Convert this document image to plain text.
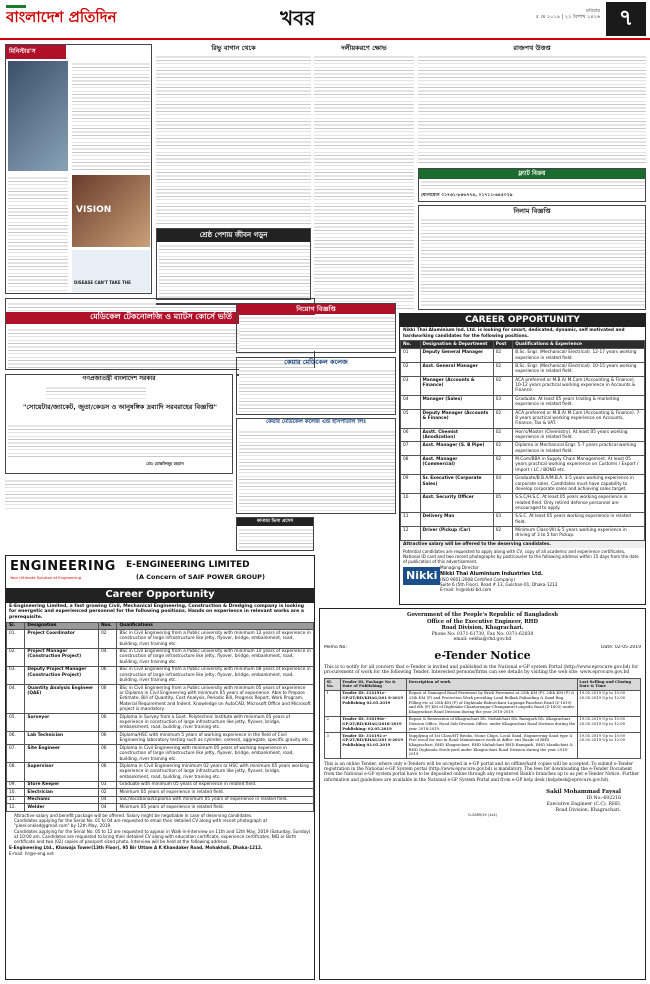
বাংলাদেশ প্রতিদিন	খবর	রবিবার
৫ মে ২০১৯ | ২২ বৈশাখ ১৪২৬ ৭
মিনিস্টার'স
VISION
DISEASE CAN'T TAKE THE
রিভু বাগান থেকে	দলীয়করণে ক্ষোভ	রাজপথ উত্তপ্ত
ফ্ল্যাট বিক্রয়
যোগাযোগ ০১৭৬১-৮৪৬৭৭৪, ০১৭১১-৬৪৫০২৯
নিলাম বিজ্ঞপ্তি
শ্রেষ্ঠ পেশায় জীবন গড়ুন
মেডিকেল টেকনোলজি ও ম্যাটস কোর্সে ভর্তি
গণপ্রজাতন্ত্রী বাংলাদেশ সরকার
"সোয়েটার/জ্যাকেট, জুতা/কেডস ও আনুষঙ্গিক দ্রব্যাদি সরবরাহের বিজ্ঞপ্তি"
মোঃ মোস্তফিজুর রহমান
নিয়োগ বিজ্ঞপ্তি
কেয়ার মেডিকেল কলেজ
কেয়ার মেডিকেল কলেজ এন্ড হাসপাতাল লিঃ
কানাডা ভিসা প্রসেস
CAREER OPPORTUNITY
Nikki Thai Aluminium Ind. Ltd. is looking for smart, dedicated, dynamic, self motivated and hardworking candidates for the following positions.
No.	Designation & Department	Post	Qualifications & Experience
01	Deputy General Manager	02	B.Sc. Engr. (Mechanical/ Electrical). 12-17 years working experience in related field.
02	Asst. General Manager	02	B.Sc. Engr. (Mechanical/ Electrical). 10-15 years working experience in related field.
03	Manager (Accounts & Finance)	02	ACA preferred or M.B.A/ M.Com (Accounting & Finance). 10-12 years practical working experience in Accounts & Finance.
04	Manager (Sales)	03	Graduate. At least 05 years trading & marketing experience in related field.
05	Deputy Manager (Accounts & Finance)	02	ACA preferred or M.B.A/ M.Com (Accounting & Finance). 7-8 years practical working experience on Accounts, Finance, Tax & VAT.
06	Asstt. Chemist (Anodization)	02	Hon's/Master (Chemistry). At least 05 years working experience in related field.
07	Asst. Manager (S. B Pipe)	02	Diploma in Mechanical Engr. 5-7 years practical working experience in related field.
08	Asst. Manager (Commercial)	02	M.Com/BBA in Supply Chain Management. At least 05 years practical working experience on Customs / Export / Import / LC / BOND etc.
09	Sr. Executive (Corporate Sales)	04	Graduate/B.B.A/M.B.A. 3-5 years working experience in corporate sales. Candidates must have capability to develop corporate sales and achieving sales target.
10	Asst. Security Officer	05	S.S.C/H.S.C. At least 05 years working experience in related field. Only retired defense personnel are encouraged to apply.
11	Delivery Man	03	S.S.C. At least 05 years working experience in related field.
12	Driver (Pickup /Car)	02	Minimum Class-VIII & 5 years working experience in driving of 3 to 5 ton Pickup.
Attractive salary will be offered to the deserving candidates.
Potential candidates are requested to apply along with CV, copy of all academic and experience certificates, National ID card and two recent photographs by post/courier to the following address within 15 days from the date of publication of this advertisement.
Nikki
Managing Director
Nikki Thai Aluminium Industries Ltd.
(ISO 9001:2008 Certified Company)
Suite 6 (5th Floor), Road # 13, Gulshan-01, Dhaka-1212
E-mail: hr@nikki-bd.com
ENGINEERING
Your Ultimate Solution of Engineering
E-ENGINEERING LIMITED
(A Concern of SAIF POWER GROUP)
Career Opportunity
E-Engineering Limited, a fast growing Civil, Mechanical Engineering, Construction & Dredging company is looking for energetic and experienced personnel for the following positions. Hands on experience in relevant works are a prerequisite.
Sl.	Designation	Nos.	Qualifications
01.	Project Coordinator	02	BSc in Civil Engineering from a Public university with minimum 12 years of experience in construction of large infrastructure like jetty, flyover, bridge, embankment, road, building, river training etc.
02.	Project Manager (Construction Project)	04	BSc in Civil Engineering from a Public university with minimum 10 years of experience in construction of large infrastructure like jetty, flyover, bridge, embankment, road, building, river training etc.
03.	Deputy Project Manager (Construction Project)	06	BSc in Civil Engineering from a Public university with minimum 08 years of experience in construction of large infrastructure like jetty, flyover, bridge, embankment, road, building, river training etc.
04.	Quantity Analysis Engineer (QAE)	06	BSc in Civil Engineering from a Public university with minimum 05 years of experience or Diploma in Civil Engineering with minimum 05 years of experience. Able to Prepare Estimate, Bill of Quantity, Cost Analysis, Periodic Bill, Progress Report, Work Program, Material Requirement and Indent. Knowledge on AutoCAD, Microsoft Office and Microsoft project is mandatory.
05.	Surveyor	06	Diploma in Survey from a Govt. Polytechnic Institute with minimum 05 years of experience in construction of large infrastructure like jetty, flyover, bridge, embankment, road, building, river training etc.
06.	Lab Technician	06	Diploma/HSC with minimum 5 years of working experience in the field of Civil Engineering laboratory testing such as cylinder, cement, aggregate, specific gravity etc.
07.	Site Engineer	06	Diploma in Civil Engineering with minimum 05 years of working experience in construction of large infrastructure like jetty, flyover, bridge, embankment, road, building, river training etc.
08.	Supervisor	06	Diploma in Civil Engineering minimum 02 years or HSC with minimum 05 years working experience in construction of large infrastructure like jetty, flyover, bridge, embankment, road, building, river training etc.
09.	Store Keeper	03	Graduate with minimum 05 years of experience in related field.
10.	Electrician	02	Minimum 05 years of experience in related field.
11.	Mechanic	04	SSC/Vocational/Diploma with minimum 05 years of experience in related field.
12.	Welder	04	Minimum 05 years of experience in related field.
• Attractive salary and benefit package will be offered. Salary might be negotiable in case of deserving candidates.
• Candidates applying for the Serial No. 01 to 04 are requested to email their detailed CV along with recent photograph at "pleel.onkled@gmail.com" by 12th May, 2019.
• Candidates applying for the Serial No. 05 to 12 are requested to appear in Walk-in-Interview on 11th and 12th May, 2019 (Saturday, Sunday) at 10:00 am. Candidates are requested to bring their detailed CV along with education certificate, experience certificates, NID or Birth certificate and two (02) copies of passport sized photo. Interview will be held at the following address.
E-Engineering Ltd., Khawaja Tower(13th Floor), 95 Bir Uttam A K Khandaker Road, Mohakhali, Dhaka-1212.
E-mail: hr@e-eng.net
Government of the People's Republic of Bangladesh
Office of the Executive Engineer, RHD
Road Division, Khagrachari.
Phone No: 0371-61730, Fax No: 0371-62830
email: eekha@rhd.gov.bd
Memo No:	Date: 02-05-2019
e-Tender Notice
This is to notify for all concern that e-Tender is invited and published in the National e-GP system Portal (http://www.eprocure.gov.bd) for procurement of work for the following Tender. Interested persons/firms can see details by visiting the web site: www.eprocure.gov.bd
Sl. No.	Tender ID, Package No & Date of Publishing	Description of work	Last Selling and Closing Date & Time
1	Tender ID: 314191e-GP/2T/RD/KHAG/201 8-2019 Publishing 02.05.2019	Repair of Damaged Road Pavement by Brick Pavement at 25th KM (P), 24th KM (P) & 25th KM (P) and Protection Work providing Lead Bulkah Palisading & Sand Bag Filling etc at 25th KM (P) of Dighinala-Baburchara-Lagunga-Panchari Road (Z-1610) and 6th (P) KM of Dighinala-Chantarnagar-Changamiri-Longodu Road (Z-1603) under Khagrachari Road Division during the year 2018-2019.	19.05.2019 Up to 15:00 20.05.2019 Up to 12:00
2	Tender ID: 318196e-GP/2T/RD/KHAG/2018-2019 Publishing: 02.05.2019	Repair & Renovation of Khagrachari Dh. Mohalchari Dh. Ramgarh Dh. Khagrachari Division Office, Road Sub-Division Office, under Khagrachari Road Division during the year 2018-2019.	19.05.2019 Up to 15:00 20.05.2019 Up to 12:00
3	Tender ID: 314192 e-GP/2T/RD/KHAG/201 8-2019 Publishing 02.05.2019	Supplying of 1st Class/HT Bricks, Stone Chips, Local Sand, Engineering Sand type & Fire wood for use in Road Maintenance work at differ- ent Roads of RHD Khagrachari, RHD Khagrachari, RHD Mahalchari RHD Ramgarh, RHD Manikchari & RHD Dighinala Stock-yard under Khagrachari Road Division during the year 2018-2019.	19.05.2019 Up to 15:00 20.05.2019 Up to 12:00
This is an online Tender, where only e-Tenders will be accepted in e-GP portal and no offline/hard copies will be accepted. To submit e-Tender registration in the National e-GP System portal (http://www.eprocure.gov.bd) is mandatory. The fees for downloading the e-Tender Document from the National e-GP system portal have to be deposited online through any registered Bank's branches up to as per e-Tender Notice. Further information and guidelines are available in the National e-GP System Portal and from e-GP help desk (helpdesk@eprocure.gov.bd).
Sakil Mohammad Faysal
ID No:-602216
Executive Engineer (C.C), RHD,
Road Division, Khagrachari.
G-2089/19 (1x4)
